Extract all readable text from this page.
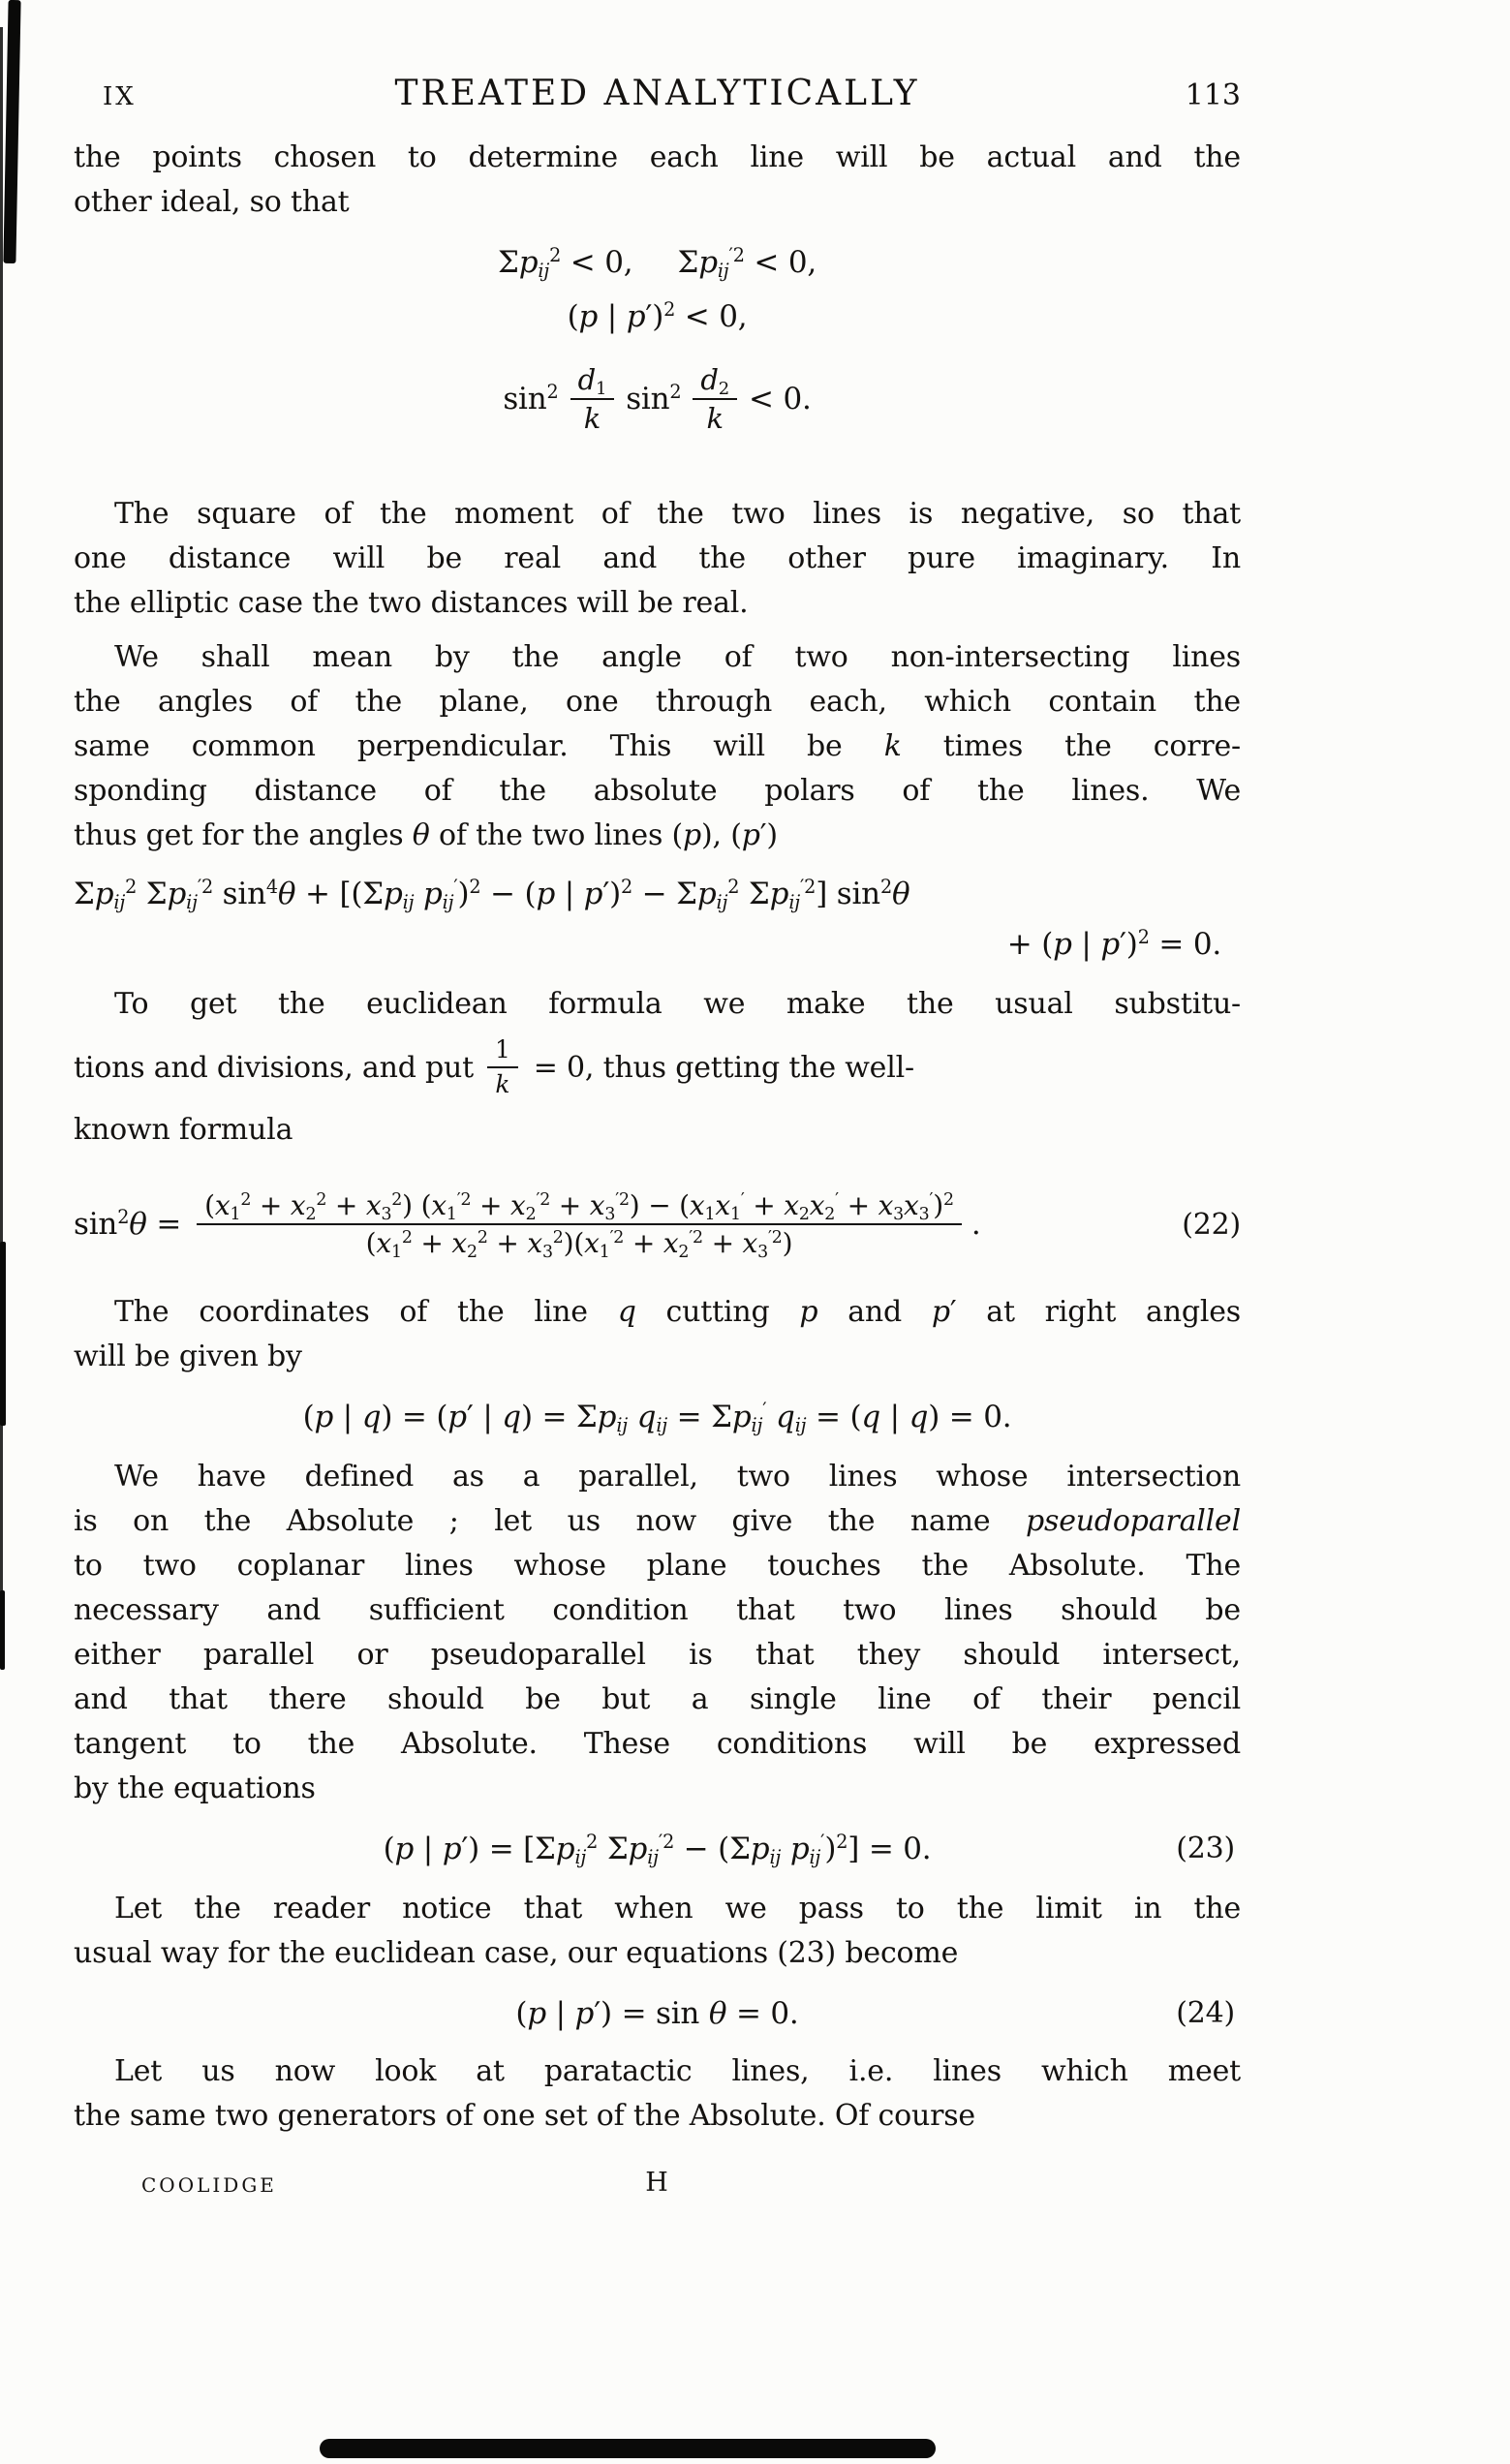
IX	TREATED ANALYTICALLY	113
the points chosen to determine each line will be actual and the
other ideal, so that
$\Sigma p_{ij}^2 < 0$,  $\Sigma p_{ij}^{'2} < 0$,
(p | p′)$^2$ < 0,
$\sin^2 \frac{d_1}{k} \sin^2 \frac{d_2}{k} < 0$.
The square of the moment of the two lines is negative, so that
one distance will be real and the other pure imaginary. In
the elliptic case the two distances will be real.
We shall mean by the angle of two non-intersecting lines
the angles of the plane, one through each, which contain the
same common perpendicular. This will be k times the corre-
sponding distance of the absolute polars of the lines. We
thus get for the angles θ of the two lines (p), (p′)
$\Sigma p_{ij}^2$ $\Sigma p_{ij}^{'2}$ $\sin^4\theta + [(\Sigma p_{ij}$ $p_{ij}')^2 - (p$ | $p')^2 - \Sigma p_{ij}^2$ $\Sigma p_{ij}^{'2}$] $\sin^2\theta$
+ (p | p′)$^2$ = 0.
To get the euclidean formula we make the usual substitu-
tions and divisions, and put $\frac{1}{k} = 0$, thus getting the well-
known formula
$\sin^2\theta$ =
$(x_1^2 + x_2^2 + x_3^2) (x_1^{'2} + x_2^{'2} + x_3^{'2}) - (x_1x_1' + x_2x_2' + x_3x_3')^2$
$(x_1^2 + x_2^2 + x_3^2)(x_1^{'2} + x_2^{'2} + x_3^{'2})$
.	(22)
The coordinates of the line q cutting p and p′ at right angles
will be given by
(p | q) = (p′ | $q) = \Sigma p_{ij}$ $q_{ij} = \Sigma p_{ij}'$ $q_{ij} = (q$ | q) = 0.
We have defined as a parallel, two lines whose intersection
is on the Absolute ; let us now give the name pseudoparallel
to two coplanar lines whose plane touches the Absolute. The
necessary and sufficient condition that two lines should be
either parallel or pseudoparallel is that they should intersect,
and that there should be but a single line of their pencil
tangent to the Absolute. These conditions will be expressed
by the equations
(p | $p') = [\Sigma p_{ij}^2$ $\Sigma p_{ij}^{'2} - (\Sigma p_{ij}$ $p_{ij}')^2] = 0$.	(23)
Let the reader notice that when we pass to the limit in the
usual way for the euclidean case, our equations (23) become
(p | p′) = sin θ = 0.	(24)
Let us now look at paratactic lines, i.e. lines which meet
the same two generators of one set of the Absolute. Of course
COOLIDGE	H
